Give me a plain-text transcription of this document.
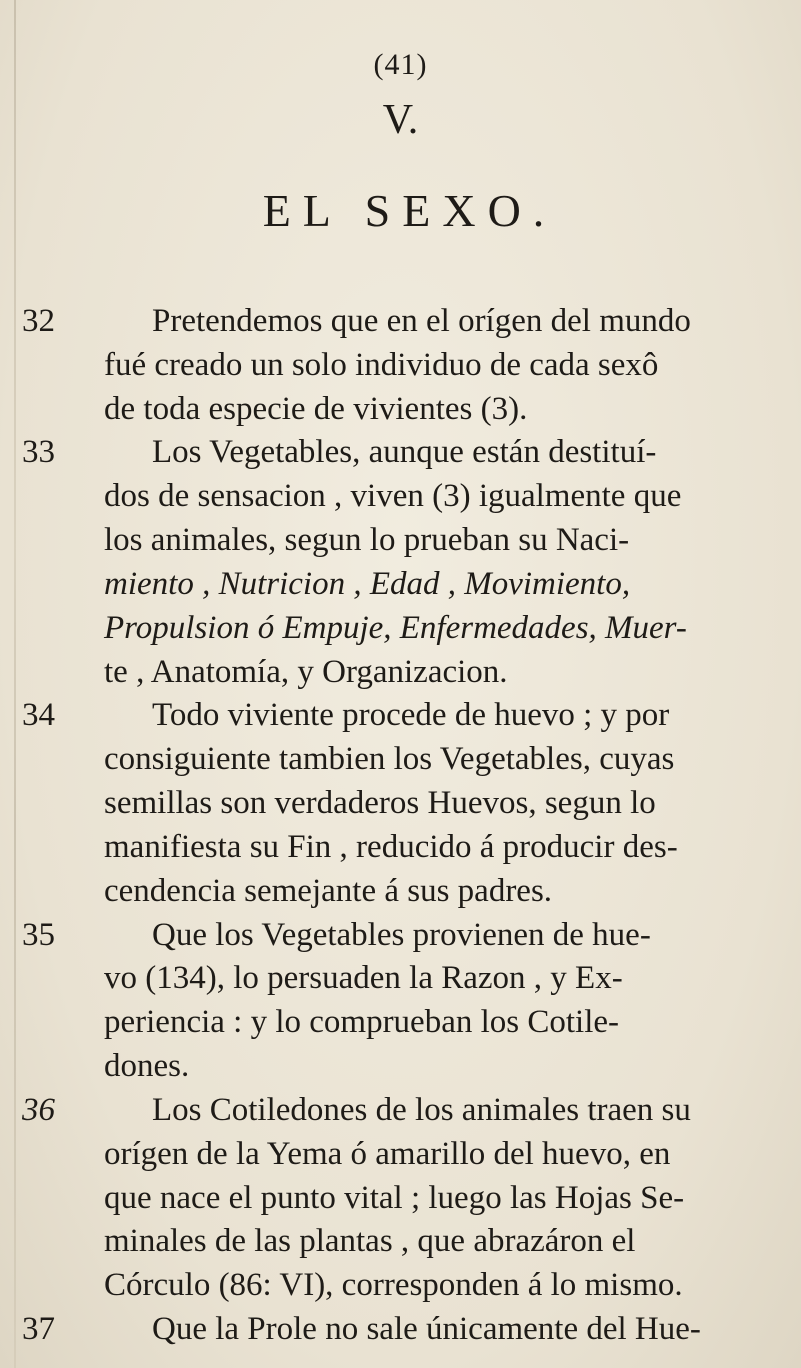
(41)
V.
EL SEXO.
32	Pretendemos que en el orígen del mundo
fué creado un solo individuo de cada sexô
de toda especie de vivientes (3).
33	Los Vegetables, aunque están destituí-
dos de sensacion , viven (3) igualmente que
los animales, segun lo prueban su Naci-
miento , Nutricion , Edad , Movimiento,
Propulsion ó Empuje, Enfermedades, Muer-
te , Anatomía, y Organizacion.
34	Todo viviente procede de huevo ; y por
consiguiente tambien los Vegetables, cuyas
semillas son verdaderos Huevos, segun lo
manifiesta su Fin , reducido á producir des-
cendencia semejante á sus padres.
35	Que los Vegetables provienen de hue-
vo (134), lo persuaden la Razon , y Ex-
periencia : y lo comprueban los Cotile-
dones.
36	Los Cotiledones de los animales traen su
orígen de la Yema ó amarillo del huevo, en
que nace el punto vital ; luego las Hojas Se-
minales de las plantas , que abrazáron el
Córculo (86: VI), corresponden á lo mismo.
37	Que la Prole no sale únicamente del Hue-
